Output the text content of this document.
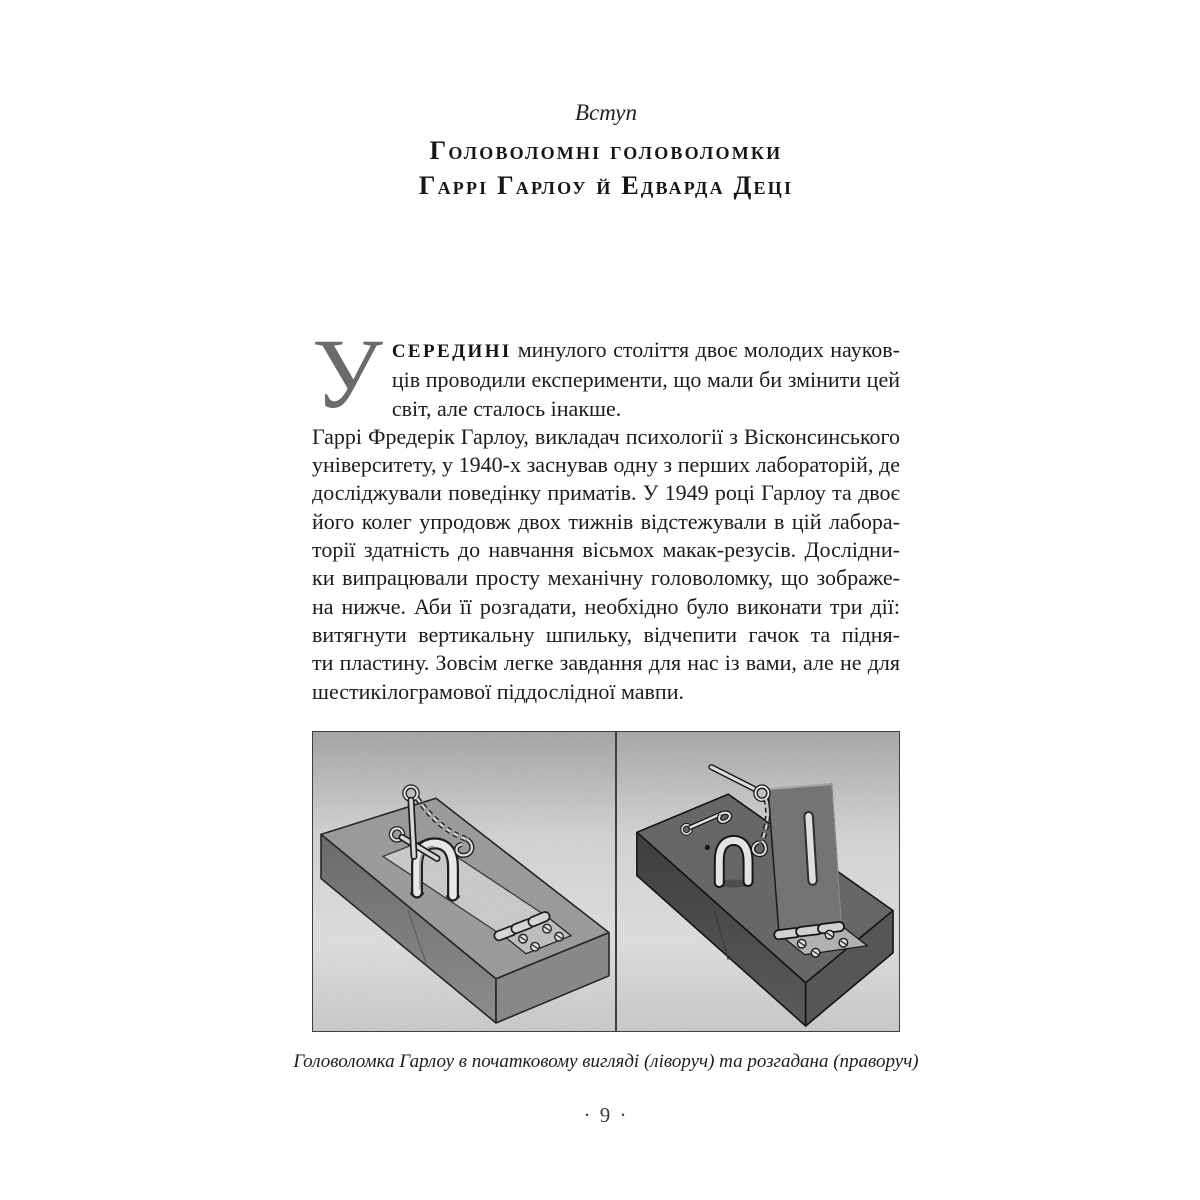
Вступ
Головоломні головоломки
Гаррі Гарлоу й Едварда Деці
У СЕРЕДИНІ минулого століття двоє молодих науков-
ців проводили експерименти, що мали би змінити цей
світ, але сталось інакше.
Гаррі Фредерік Гарлоу, викладач психології з Вісконсинського
університету, у 1940-х заснував одну з перших лабораторій, де
досліджували поведінку приматів. У 1949 році Гарлоу та двоє
його колег упродовж двох тижнів відстежували в цій лабора-
торії здатність до навчання вісьмох макак-резусів. Дослідни-
ки випрацювали просту механічну головоломку, що зображе-
на нижче. Аби її розгадати, необхідно було виконати три дії:
витягнути вертикальну шпильку, відчепити гачок та підня-
ти пластину. Зовсім легке завдання для нас із вами, але не для
шестикілограмової піддослідної мавпи.
Головоломка Гарлоу в початковому вигляді (ліворуч) та розгадана (праворуч)
· 9 ·
